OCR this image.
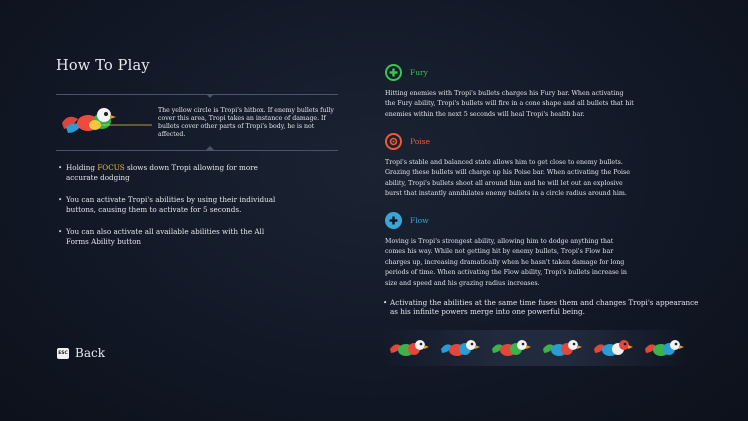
How To Play
The yellow circle is Tropi's hitbox. If enemy bullets fully cover this area, Tropi takes an instance of damage. If bullets cover other parts of Tropi's body, he is not affected.
• Holding FOCUS slows down Tropi allowing for more accurate dodging
• You can activate Tropi's abilities by using their individual buttons, causing them to activate for 5 seconds.
• You can also activate all available abilities with the All Forms Ability button
ESC Back
Fury
Hitting enemies with Tropi's bullets charges his Fury bar. When activating the Fury ability, Tropi's bullets will fire in a cone shape and all bullets that hit enemies within the next 5 seconds will heal Tropi's health bar.
Poise
Tropi's stable and balanced state allows him to get close to enemy bullets. Grazing these bullets will charge up his Poise bar. When activating the Poise ability, Tropi's bullets shoot all around him and he will let out an explosive burst that instantly annihilates enemy bullets in a circle radius around him.
Flow
Moving is Tropi's strongest ability, allowing him to dodge anything that comes his way. While not getting hit by enemy bullets, Tropi's Flow bar charges up, increasing dramatically when he hasn't taken damage for long periods of time. When activating the Flow ability, Tropi's bullets increase in size and speed and his grazing radius increases.
• Activating the abilities at the same time fuses them and changes Tropi's appearance as his infinite powers merge into one powerful being.
